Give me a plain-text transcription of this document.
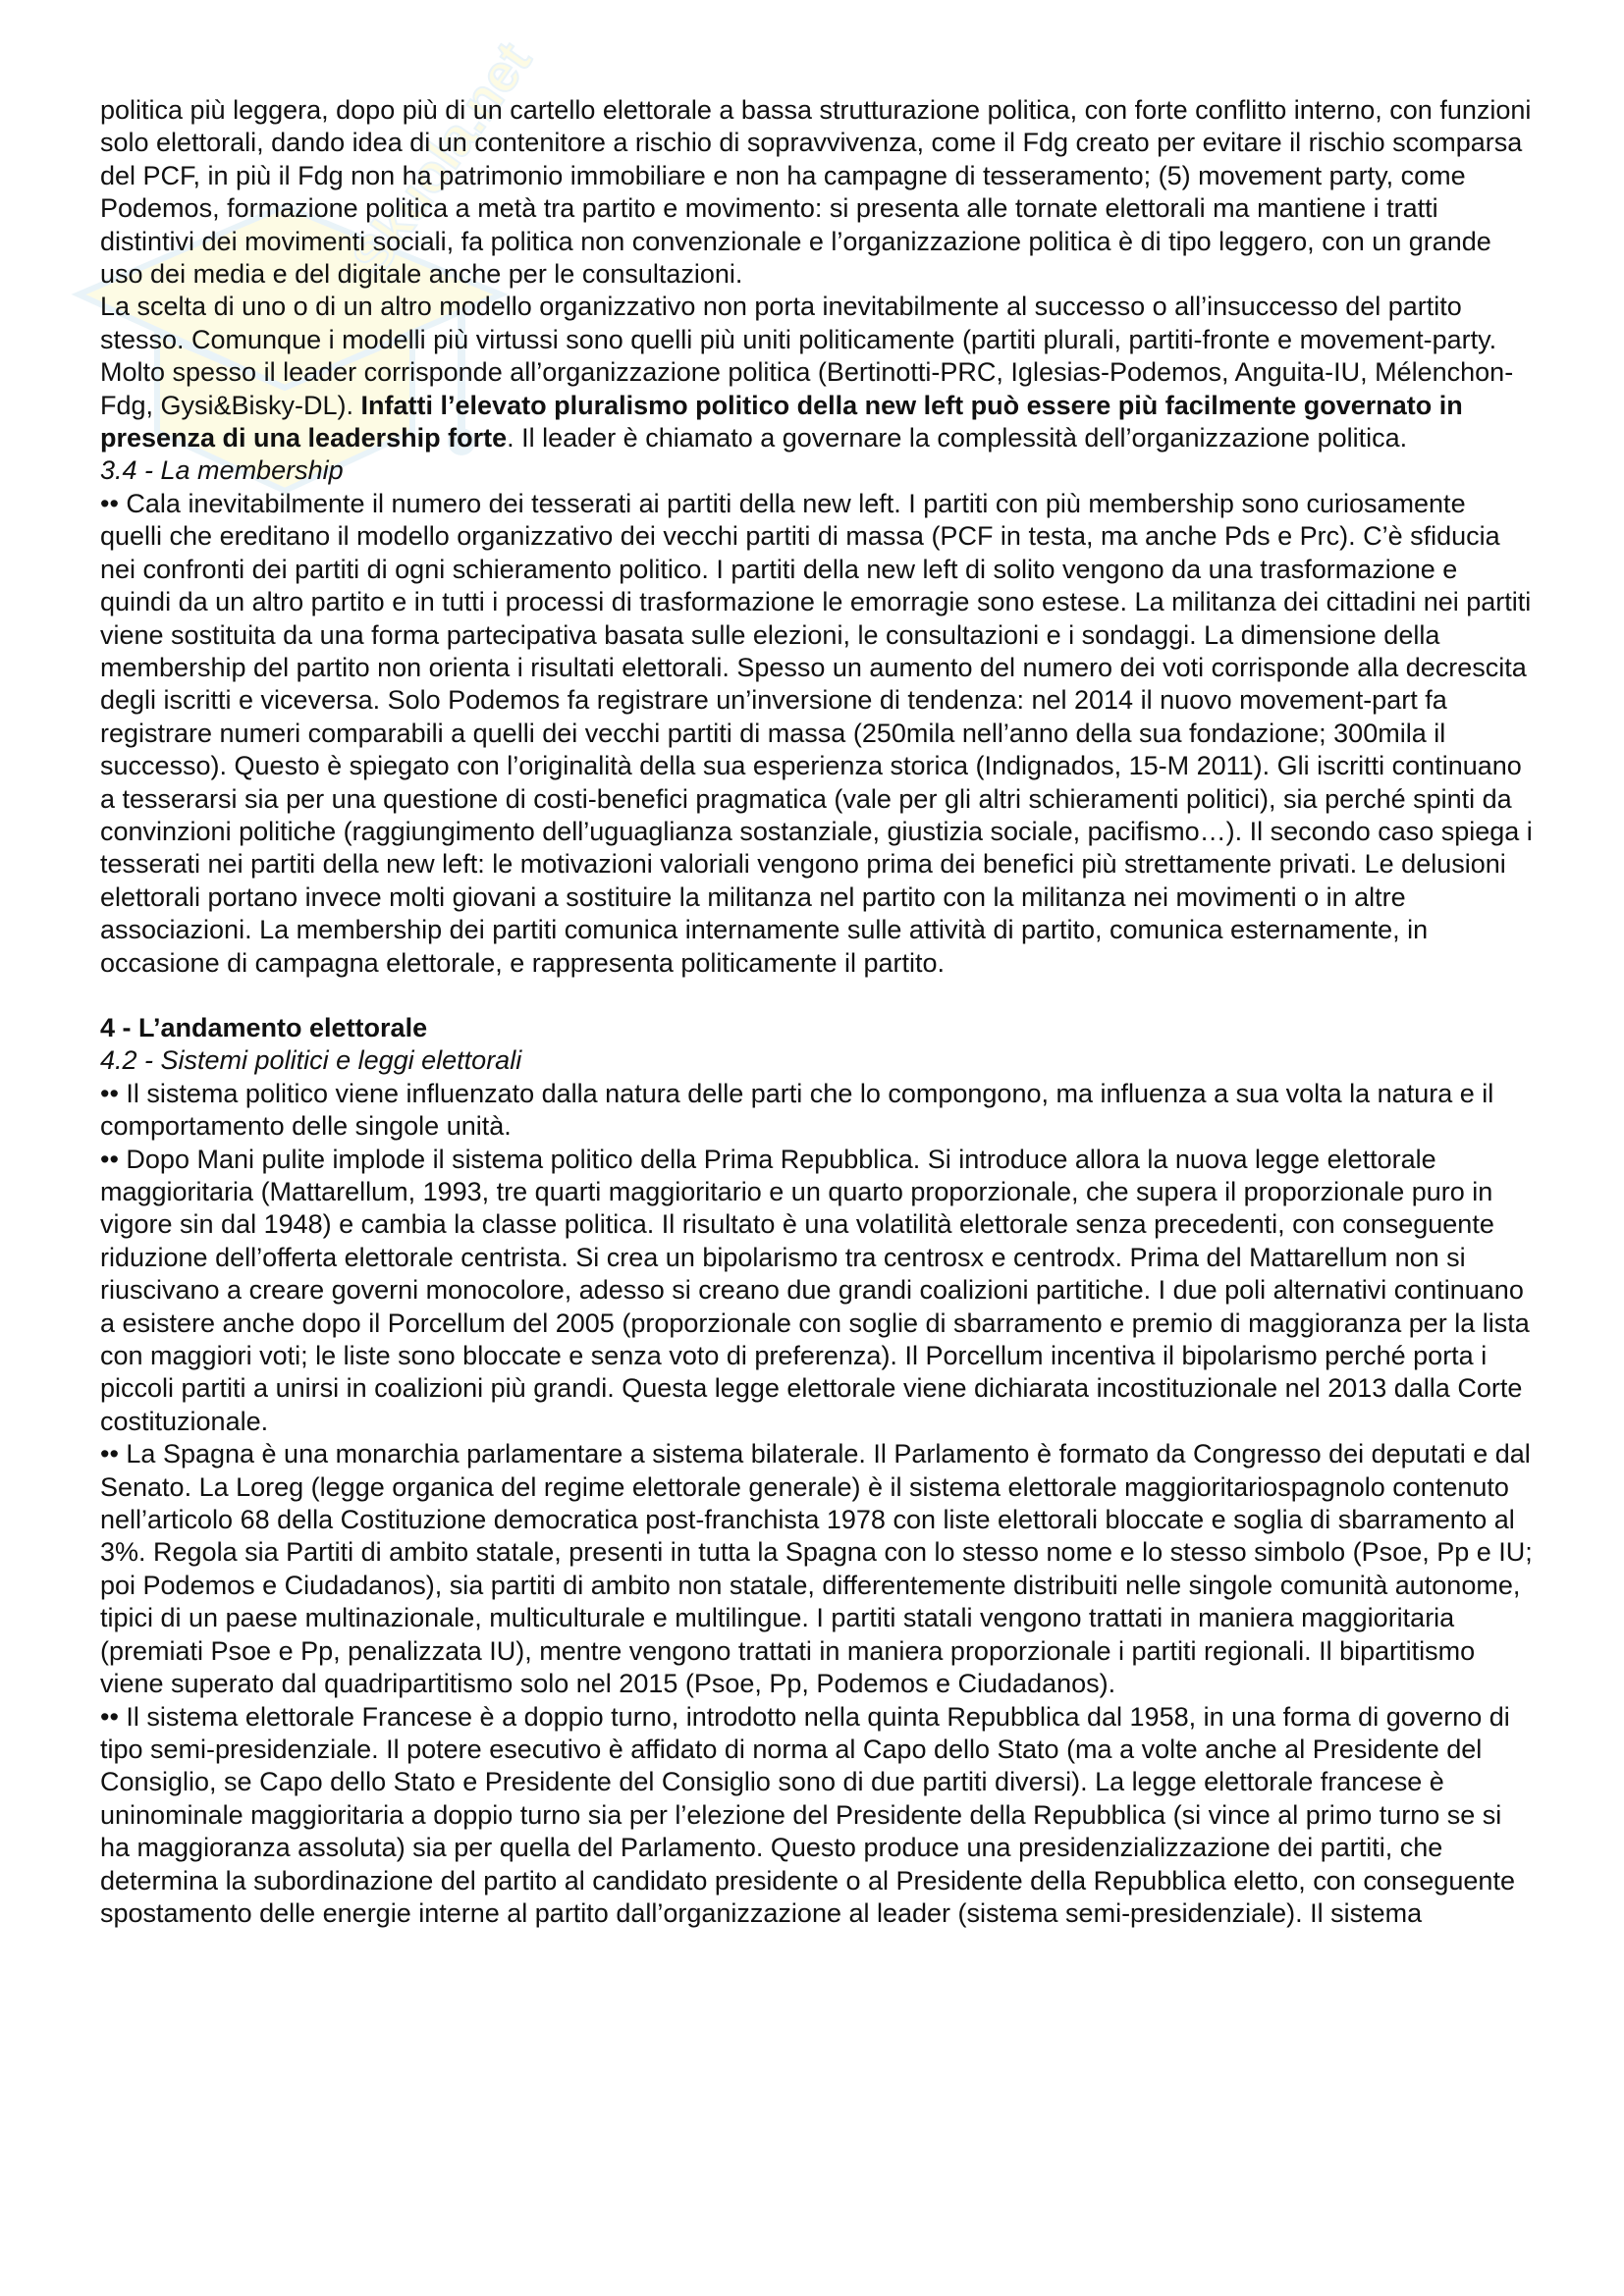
Skuola.net

politica più leggera, dopo più di un cartello elettorale a bassa strutturazione politica, con forte conflitto interno, con funzioni solo elettorali, dando idea di un contenitore a rischio di sopravvivenza, come il Fdg creato per evitare il rischio scomparsa del PCF, in più il Fdg non ha patrimonio immobiliare e non ha campagne di tesseramento; (5) movement party, come Podemos, formazione politica a metà tra partito e movimento: si presenta alle tornate elettorali ma mantiene i tratti distintivi dei movimenti sociali, fa politica non convenzionale e l’organizzazione politica è di tipo leggero, con un grande uso dei media e del digitale anche per le consultazioni.

La scelta di uno o di un altro modello organizzativo non porta inevitabilmente al successo o all’insuccesso del partito stesso. Comunque i modelli più virtussi sono quelli più uniti politicamente (partiti plurali, partiti-fronte e movement-party. Molto spesso il leader corrisponde all’organizzazione politica (Bertinotti-PRC, Iglesias-Podemos, Anguita-IU, Mélenchon-Fdg, Gysi&Bisky-DL). Infatti l’elevato pluralismo politico della new left può essere più facilmente governato in presenza di una leadership forte. Il leader è chiamato a governare la complessità dell’organizzazione politica.

3.4 - La membership

•• Cala inevitabilmente il numero dei tesserati ai partiti della new left. I partiti con più membership sono curiosamente quelli che ereditano il modello organizzativo dei vecchi partiti di massa (PCF in testa, ma anche Pds e Prc). C’è sfiducia nei confronti dei partiti di ogni schieramento politico. I partiti della new left di solito vengono da una trasformazione e quindi da un altro partito e in tutti i processi di trasformazione le emorragie sono estese. La militanza dei cittadini nei partiti viene sostituita da una forma partecipativa basata sulle elezioni, le consultazioni e i sondaggi. La dimensione della membership del partito non orienta i risultati elettorali. Spesso un aumento del numero dei voti corrisponde alla decrescita degli iscritti e viceversa. Solo Podemos fa registrare un’inversione di tendenza: nel 2014 il nuovo movement-part fa registrare numeri comparabili a quelli dei vecchi partiti di massa (250mila nell’anno della sua fondazione; 300mila il successo). Questo è spiegato con l’originalità della sua esperienza storica (Indignados, 15-M 2011). Gli iscritti continuano a tesserarsi sia per una questione di costi-benefici pragmatica (vale per gli altri schieramenti politici), sia perché spinti da convinzioni politiche (raggiungimento dell’uguaglianza sostanziale, giustizia sociale, pacifismo…). Il secondo caso spiega i tesserati nei partiti della new left: le motivazioni valoriali vengono prima dei benefici più strettamente privati. Le delusioni elettorali portano invece molti giovani a sostituire la militanza nel partito con la militanza nei movimenti o in altre associazioni. La membership dei partiti comunica internamente sulle attività di partito, comunica esternamente, in occasione di campagna elettorale, e rappresenta politicamente il partito.

4 - L’andamento elettorale

4.2 - Sistemi politici e leggi elettorali

•• Il sistema politico viene influenzato dalla natura delle parti che lo compongono, ma influenza a sua volta la natura e il comportamento delle singole unità.

•• Dopo Mani pulite implode il sistema politico della Prima Repubblica. Si introduce allora la nuova legge elettorale maggioritaria (Mattarellum, 1993, tre quarti maggioritario e un quarto proporzionale, che supera il proporzionale puro in vigore sin dal 1948) e cambia la classe politica. Il risultato è una volatilità elettorale senza precedenti, con conseguente riduzione dell’offerta elettorale centrista. Si crea un bipolarismo tra centrosx e centrodx. Prima del Mattarellum non si riuscivano a creare governi monocolore, adesso si creano due grandi coalizioni partitiche. I due poli alternativi continuano a esistere anche dopo il Porcellum del 2005 (proporzionale con soglie di sbarramento e premio di maggioranza per la lista con maggiori voti; le liste sono bloccate e senza voto di preferenza). Il Porcellum incentiva il bipolarismo perché porta i piccoli partiti a unirsi in coalizioni più grandi. Questa legge elettorale viene dichiarata incostituzionale nel 2013 dalla Corte costituzionale.

•• La Spagna è una monarchia parlamentare a sistema bilaterale. Il Parlamento è formato da Congresso dei deputati e dal Senato. La Loreg (legge organica del regime elettorale generale) è il sistema elettorale maggioritariospagnolo contenuto nell’articolo 68 della Costituzione democratica post-franchista 1978 con liste elettorali bloccate e soglia di sbarramento al 3%. Regola sia Partiti di ambito statale, presenti in tutta la Spagna con lo stesso nome e lo stesso simbolo (Psoe, Pp e IU; poi Podemos e Ciudadanos), sia partiti di ambito non statale, differentemente distribuiti nelle singole comunità autonome, tipici di un paese multinazionale, multiculturale e multilingue. I partiti statali vengono trattati in maniera maggioritaria (premiati Psoe e Pp, penalizzata IU), mentre vengono trattati in maniera proporzionale i partiti regionali. Il bipartitismo viene superato dal quadripartitismo solo nel 2015 (Psoe, Pp, Podemos e Ciudadanos).

•• Il sistema elettorale Francese è a doppio turno, introdotto nella quinta Repubblica dal 1958, in una forma di governo di tipo semi-presidenziale. Il potere esecutivo è affidato di norma al Capo dello Stato (ma a volte anche al Presidente del Consiglio, se Capo dello Stato e Presidente del Consiglio sono di due partiti diversi). La legge elettorale francese è uninominale maggioritaria a doppio turno sia per l’elezione del Presidente della Repubblica (si vince al primo turno se si ha maggioranza assoluta) sia per quella del Parlamento. Questo produce una presidenzializzazione dei partiti, che determina la subordinazione del partito al candidato presidente o al Presidente della Repubblica eletto, con conseguente spostamento delle energie interne al partito dall’organizzazione al leader (sistema semi-presidenziale). Il sistema
